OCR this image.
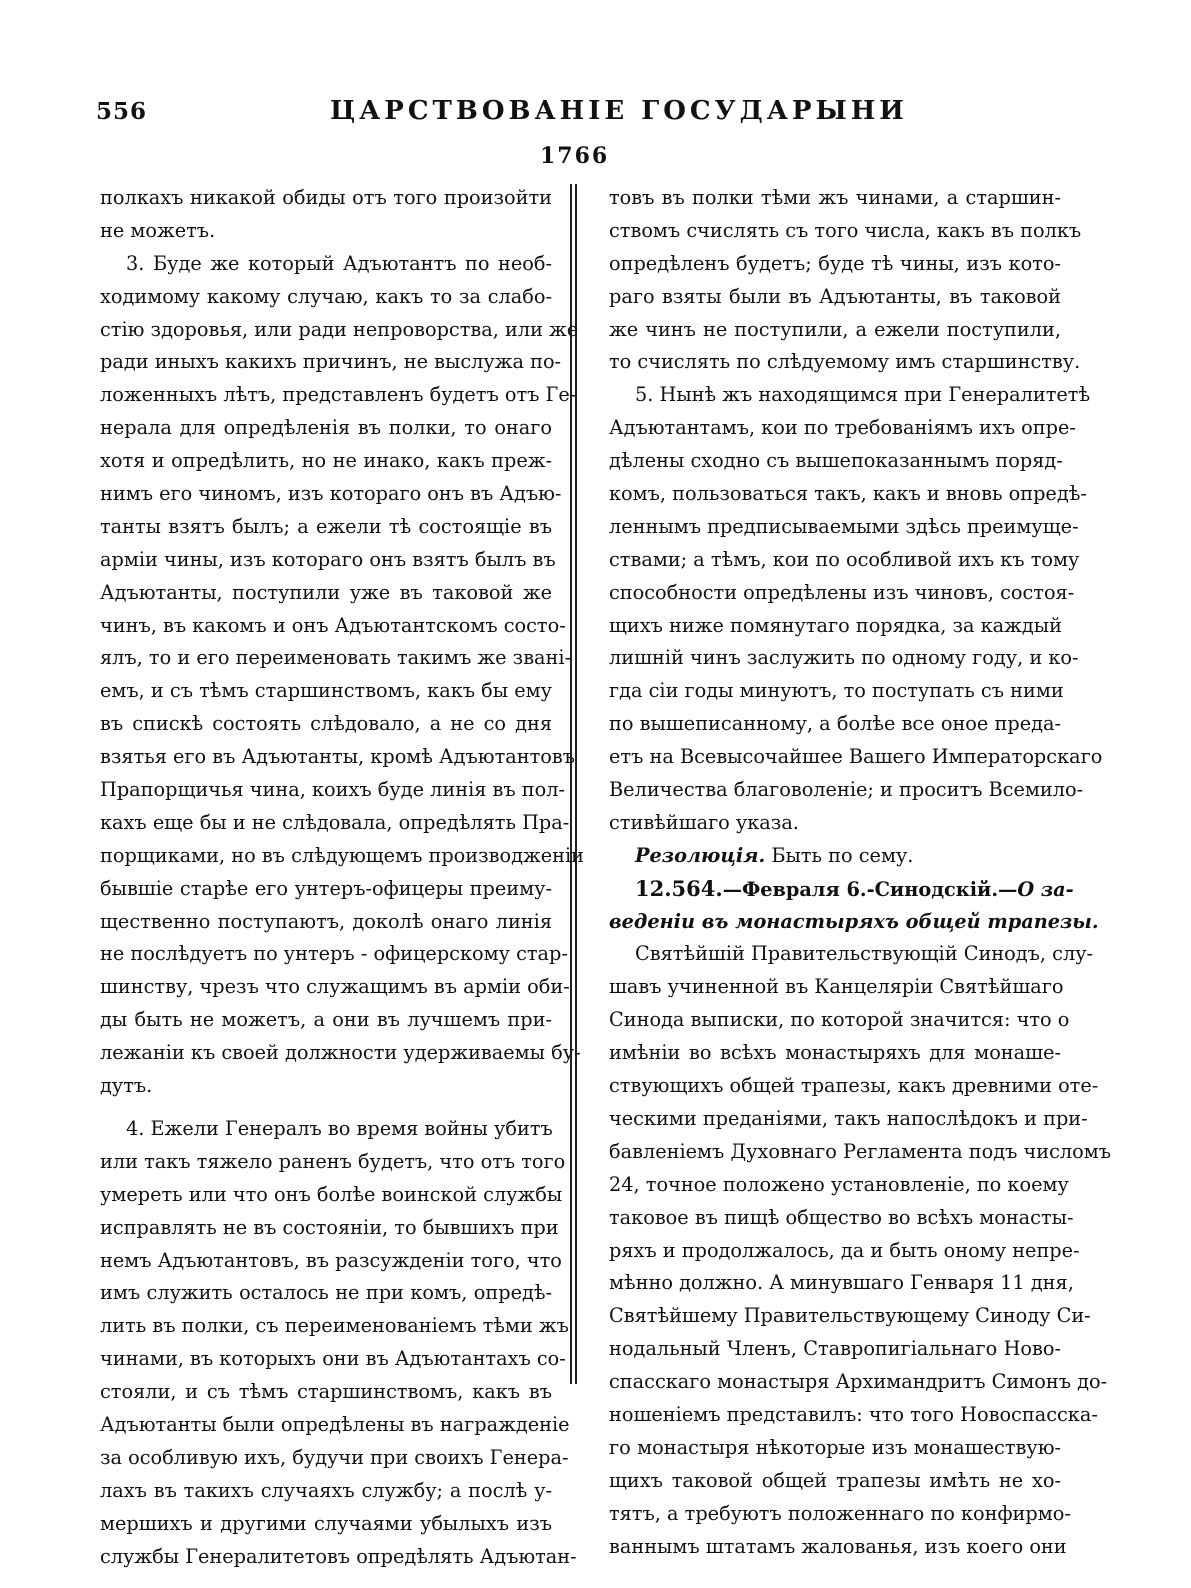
556	ЦАРСТВОВАНІЕ ГОСУДАРЫНИ
1766
полкахъ никакой обиды отъ того произойти
не можетъ.
3. Буде же который Адъютантъ по необ-
ходимому какому случаю, какъ то за слабо-
стію здоровья, или ради непроворства, или же
ради иныхъ какихъ причинъ, не выслужа по-
ложенныхъ лѣтъ, представленъ будетъ отъ Ге-
нерала для опредѣленія въ полки, то онаго
хотя и опредѣлить, но не инако, какъ преж-
нимъ его чиномъ, изъ котораго онъ въ Адъю-
танты взятъ былъ; а ежели тѣ состоящіе въ
арміи чины, изъ котораго онъ взятъ былъ въ
Адъютанты, поступили уже въ таковой же
чинъ, въ какомъ и онъ Адъютантскомъ состо-
ялъ, то и его переименовать такимъ же звані-
емъ, и съ тѣмъ старшинствомъ, какъ бы ему
въ спискѣ состоять слѣдовало, а не со дня
взятья его въ Адъютанты, кромѣ Адъютантовъ
Прапорщичья чина, коихъ буде линія въ пол-
кахъ еще бы и не слѣдовала, опредѣлять Пра-
порщиками, но въ слѣдующемъ производженіи
бывшіе старѣе его унтеръ-офицеры преиму-
щественно поступаютъ, доколѣ онаго линія
не послѣдуетъ по унтеръ - офицерскому стар-
шинству, чрезъ что служащимъ въ арміи оби-
ды быть не можетъ, а они въ лучшемъ при-
лежаніи къ своей должности удерживаемы бу-
дутъ.
4. Ежели Генералъ во время войны убитъ
или такъ тяжело раненъ будетъ, что отъ того
умереть или что онъ болѣе воинской службы
исправлять не въ состояніи, то бывшихъ при
немъ Адъютантовъ, въ разсужденіи того, что
имъ служить осталось не при комъ, опредѣ-
лить въ полки, съ переименованіемъ тѣми жъ
чинами, въ которыхъ они въ Адъютантахъ со-
стояли, и съ тѣмъ старшинствомъ, какъ въ
Адъютанты были опредѣлены въ награжденіе
за особливую ихъ, будучи при своихъ Генера-
лахъ въ такихъ случаяхъ службу; а послѣ у-
мершихъ и другими случаями убылыхъ изъ
службы Генералитетовъ опредѣлять Адъютан-
товъ въ полки тѣми жъ чинами, а старшин-
ствомъ счислять съ того числа, какъ въ полкъ
опредѣленъ будетъ; буде тѣ чины, изъ кото-
раго взяты были въ Адъютанты, въ таковой
же чинъ не поступили, а ежели поступили,
то счислять по слѣдуемому имъ старшинству.
5. Нынѣ жъ находящимся при Генералитетѣ
Адъютантамъ, кои по требованіямъ ихъ опре-
дѣлены сходно съ вышепоказаннымъ поряд-
комъ, пользоваться такъ, какъ и вновь опредѣ-
леннымъ предписываемыми здѣсь преимуще-
ствами; а тѣмъ, кои по особливой ихъ къ тому
способности опредѣлены изъ чиновъ, состоя-
щихъ ниже помянутаго порядка, за каждый
лишній чинъ заслужить по одному году, и ко-
гда сіи годы минуютъ, то поступать съ ними
по вышеписанному, а болѣе все оное преда-
етъ на Всевысочайшее Вашего Императорскаго
Величества благоволеніе; и проситъ Всемило-
стивѣйшаго указа.
Резолюція. Быть по сему.
12.564.—Февраля 6.-Синодскій.—О за-
веденіи въ монастыряхъ общей трапезы.
Святѣйшій Правительствующій Синодъ, слу-
шавъ учиненной въ Канцеляріи Святѣйшаго
Синода выписки, по которой значится: что о
имѣніи во всѣхъ монастыряхъ для монаше-
ствующихъ общей трапезы, какъ древними оте-
ческими преданіями, такъ напослѣдокъ и при-
бавленіемъ Духовнаго Регламента подъ числомъ
24, точное положено установленіе, по коему
таковое въ пищѣ общество во всѣхъ монасты-
ряхъ и продолжалось, да и быть оному непре-
мѣнно должно. А минувшаго Генваря 11 дня,
Святѣйшему Правительствующему Синоду Си-
нодальный Членъ, Ставропигіальнаго Ново-
спасскаго монастыря Архимандритъ Симонъ до-
ношеніемъ представилъ: что того Новоспасска-
го монастыря нѣкоторые изъ монашествую-
щихъ таковой общей трапезы имѣть не хо-
тятъ, а требуютъ положеннаго по конфирмо-
ваннымъ штатамъ жалованья, изъ коего они
